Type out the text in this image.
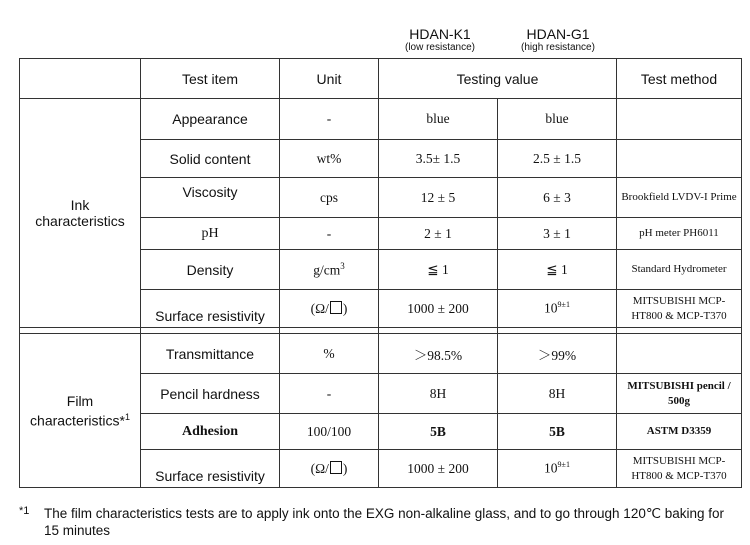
HDAN-K1
(low resistance)
HDAN-G1
(high resistance)
	Test item	Unit	Testing value		Test method
Ink
characteristics	Appearance	-	blue	blue	
	Solid content	wt%	3.5± 1.5	2.5 ± 1.5	
	Viscosity	cps	12 ± 5	6 ± 3	Brookfield LVDV-I Prime
	pH	-	2 ± 1	3 ± 1	pH meter PH6011
	Density	$g/cm^3$	≦ 1	≦ 1	Standard Hydrometer
	Surface resistivity	(Ω/ )	1000 ± 200	$10^{9\pm 1}$	MITSUBISHI MCP-HT800 & MCP-T370

Film
characteristics*$^1$	Transmittance	%	＞98.5%	＞99%	
	Pencil hardness	-	8H	8H	MITSUBISHI pencil / 500g
	Adhesion	100/100	5B	5B	ASTM D3359
	Surface resistivity	(Ω/ )	1000 ± 200	$10^{9\pm 1}$	MITSUBISHI MCP-HT800 & MCP-T370
*1 The film characteristics tests are to apply ink onto the EXG non-alkaline glass, and to go through 120℃ baking for 15 minutes
